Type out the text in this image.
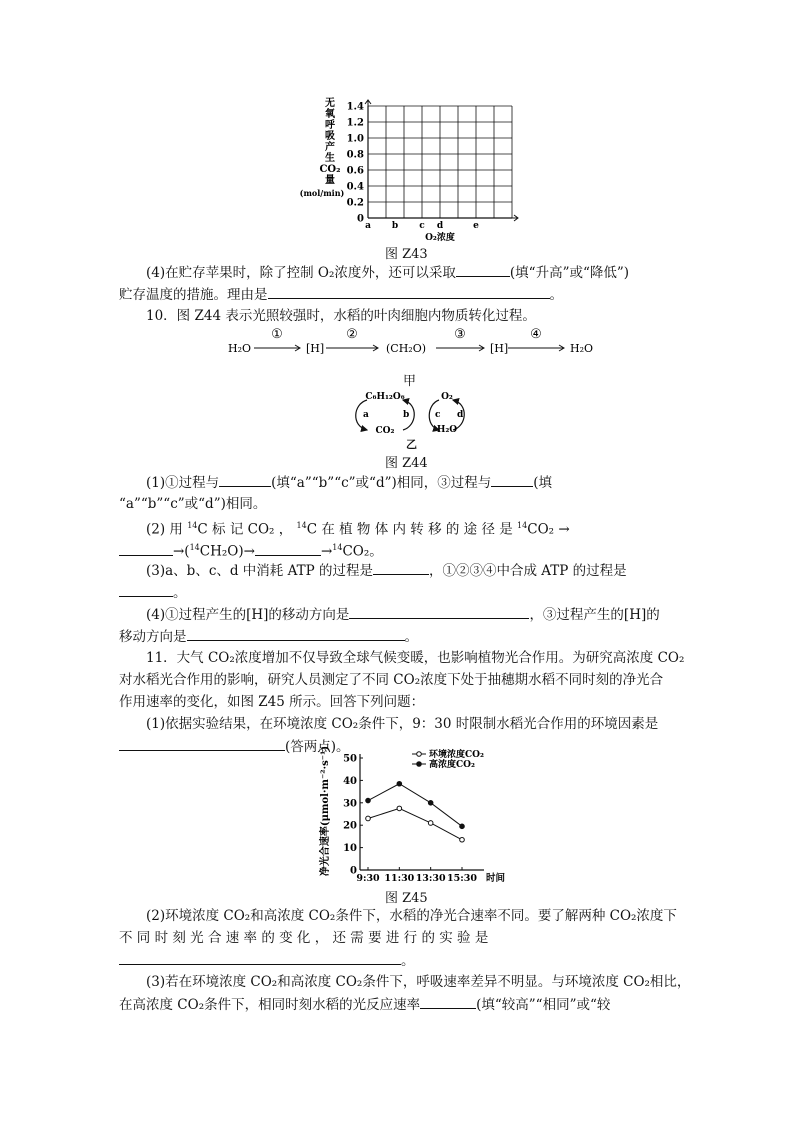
无
氧
呼
吸
产
生
CO₂
量
(mol/min)
0
0.2
0.4
0.6
0.8
1.0
1.2
1.4
a b c d	e
O₂浓度
图 Z43
(4)在贮存苹果时，除了控制 O₂浓度外，还可以采取	(填“升高”或“降低”)
贮存温度的措施。理由是	。
10．图 Z44 表示光照较强时，水稻的叶肉细胞内物质转化过程。
H₂O	[H]	(CH₂O)	[H]	H₂O
①	②	③	④
甲
C₆H₁₂O₆
CO₂
a	b
O₂
H₂O
c d
乙
图 Z44
(1)①过程与	(填“a”“b”“c”或“d”)相同，③过程与	(填
“a”“b”“c”或“d”)相同。
(2) 用 $^{14}$C 标 记 CO₂ ， $^{14}$C 在 植 物 体 内 转 移 的 途 径 是 $^{14}$CO₂ →
→($^{14}$CH₂O)→	→$^{14}$CO₂。
(3)a、b、c、d 中消耗 ATP 的过程是	，①②③④中合成 ATP 的过程是
。
(4)①过程产生的[H]的移动方向是	，③过程产生的[H]的
移动方向是	。
11．大气 CO₂浓度增加不仅导致全球气候变暖，也影响植物光合作用。为研究高浓度 CO₂
对水稻光合作用的影响，研究人员测定了不同 CO₂浓度下处于抽穗期水稻不同时刻的净光合
作用速率的变化，如图 Z45 所示。回答下列问题：
(1)依据实验结果，在环境浓度 CO₂条件下，9：30 时限制水稻光合作用的环境因素是
(答两点)。
净光合速率(μmol·m⁻²·s⁻¹) 0
10
20
30
40
50
9:30 11:30 13:30 15:30 时间
环境浓度CO₂
高浓度CO₂
图 Z45
(2)环境浓度 CO₂和高浓度 CO₂条件下，水稻的净光合速率不同。要了解两种 CO₂浓度下
不 同 时 刻 光 合 速 率 的 变 化 ， 还 需 要 进 行 的 实 验 是
。
(3)若在环境浓度 CO₂和高浓度 CO₂条件下，呼吸速率差异不明显。与环境浓度 CO₂相比，
在高浓度 CO₂条件下，相同时刻水稻的光反应速率	(填“较高”“相同”或“较
